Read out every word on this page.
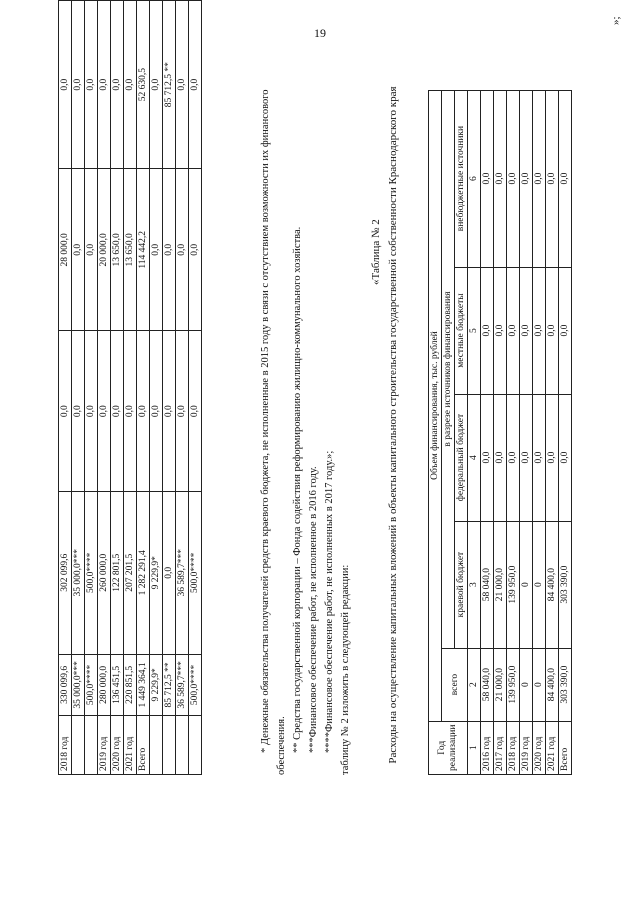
19
2018 год	330 099,6	302 099,6	0,0	28 000,0	0,0
	35 000,0***	35 000,0***	0,0	0,0	0,0
	500,0****	500,0****	0,0	0,0	0,0
2019 год	280 000,0	260 000,0	0,0	20 000,0	0,0
2020 год	136 451,5	122 801,5	0,0	13 650,0	0,0
2021 год	220 851,5	207 201,5	0,0	13 650,0	0,0
Всего	1 449 364,1	1 282 291,4	0,0	114 442,2	52 630,5
	9 229,9*	9 229,9*	0,0	0,0	0,0
	85 712,5 **	0,0	0,0	0,0	85 712,5 **
	36 589,7***	36 589,7***	0,0	0,0	0,0
	500,0****	500,0****	0,0	0,0	0,0

* Денежные обязательства получателей средств краевого бюджета, не исполненные в 2015 году в связи с отсутствием возможности их финансового обеспечения. ** Средства государственной корпорации – Фонда содействия реформированию жилищно-коммунального хозяйства. ***Финансовое обеспечение работ, не исполненное в 2016 году. ****Финансовое обеспечение работ, не исполненных в 2017 году.»; таблицу № 2 изложить в следующей редакции:

«Таблица № 2 Расходы на осуществление капитальных вложений в объекты капитального строительства государственной собственности Краснодарского края	Год реализации	Объем финансирования, тыс. рублей				
	всего	в разрезе источников финансирования			
		краевой бюджет	федеральный бюджет	местные бюджеты	внебюджетные источники
1	2	3	4	5	6
2016 год	58 040,0	58 040,0	0,0	0,0	0,0
2017 год	21 000,0	21 000,0	0,0	0,0	0,0
2018 год	139 950,0	139 950,0	0,0	0,0	0,0
2019 год	0	0	0,0	0,0	0,0
2020 год	0	0	0,0	0,0	0,0
2021 год	84 400,0	84 400,0	0,0	0,0	0,0
Всего	303 390,0	303 390,0	0,0	0,0	0,0
»;
